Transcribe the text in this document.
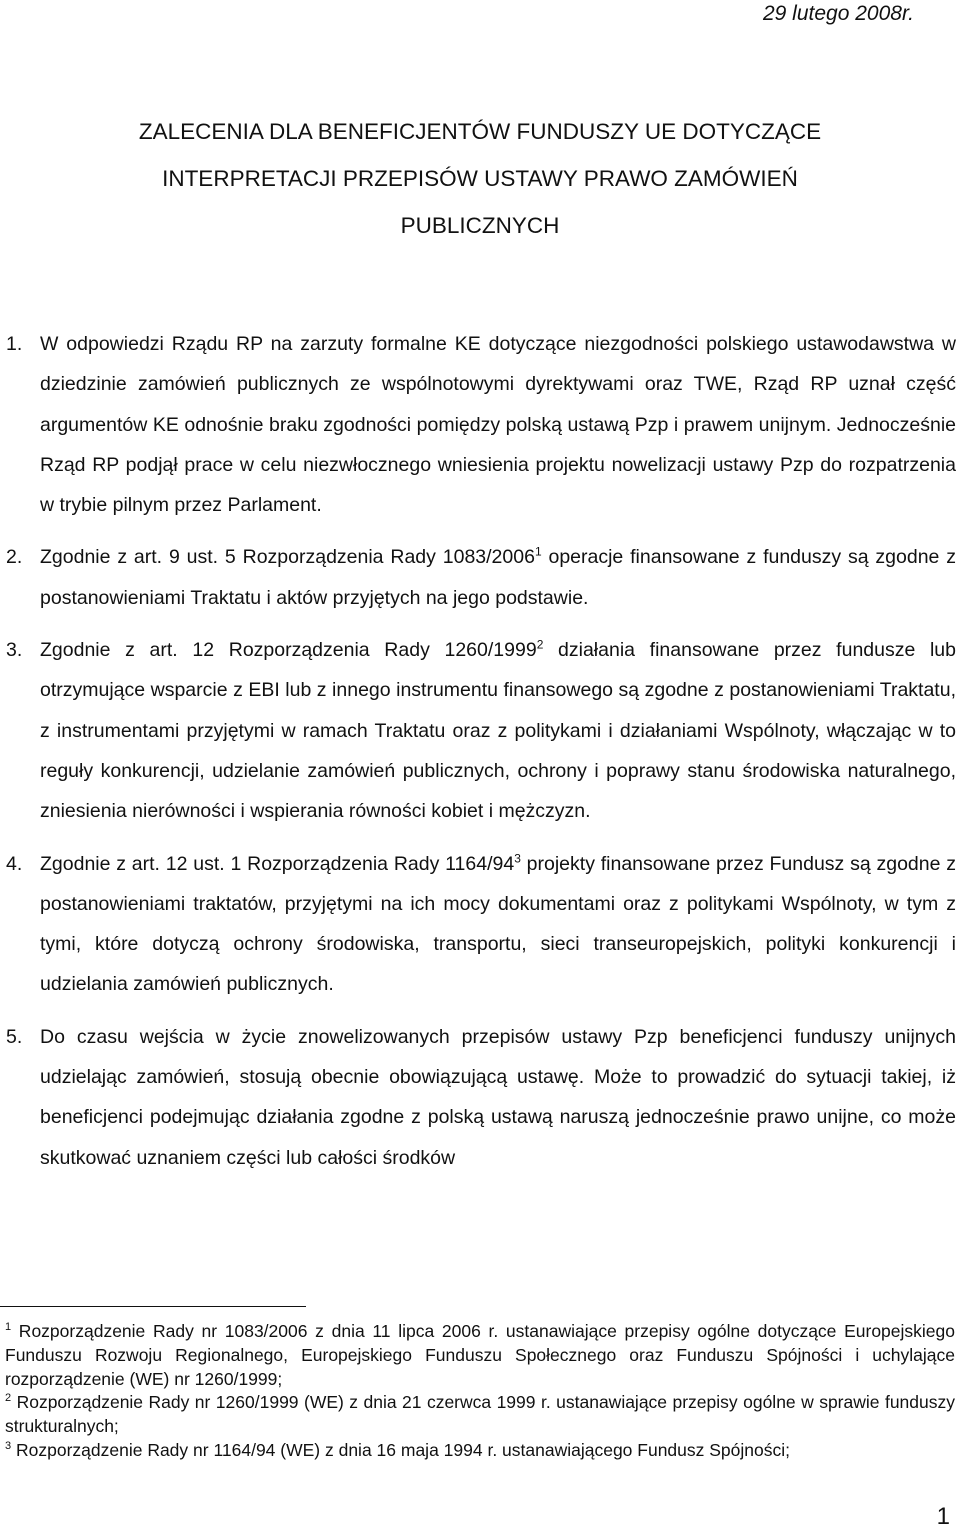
29 lutego 2008r.
ZALECENIA DLA BENEFICJENTÓW FUNDUSZY UE DOTYCZĄCE
INTERPRETACJI PRZEPISÓW USTAWY PRAWO ZAMÓWIEŃ
PUBLICZNYCH

1. W odpowiedzi Rządu RP na zarzuty formalne KE dotyczące niezgodności polskiego ustawodawstwa w dziedzinie zamówień publicznych ze wspólnotowymi dyrektywami oraz TWE, Rząd RP uznał część argumentów KE odnośnie braku zgodności pomiędzy polską ustawą Pzp i prawem unijnym. Jednocześnie Rząd RP podjął prace w celu niezwłocznego wniesienia projektu nowelizacji ustawy Pzp do rozpatrzenia w trybie pilnym przez Parlament.

2. Zgodnie z art. 9 ust. 5 Rozporządzenia Rady 1083/2006$^1$ operacje finansowane z funduszy są zgodne z postanowieniami Traktatu i aktów przyjętych na jego podstawie.

3. Zgodnie z art. 12 Rozporządzenia Rady 1260/1999$^2$ działania finansowane przez fundusze lub otrzymujące wsparcie z EBI lub z innego instrumentu finansowego są zgodne z postanowieniami Traktatu, z instrumentami przyjętymi w ramach Traktatu oraz z politykami i działaniami Wspólnoty, włączając w to reguły konkurencji, udzielanie zamówień publicznych, ochrony i poprawy stanu środowiska naturalnego, zniesienia nierówności i wspierania równości kobiet i mężczyzn.

4. Zgodnie z art. 12 ust. 1 Rozporządzenia Rady $1164/94^3$ projekty finansowane przez Fundusz są zgodne z postanowieniami traktatów, przyjętymi na ich mocy dokumentami oraz z politykami Wspólnoty, w tym z tymi, które dotyczą ochrony środowiska, transportu, sieci transeuropejskich, polityki konkurencji i udzielania zamówień publicznych.

5. Do czasu wejścia w życie znowelizowanych przepisów ustawy Pzp beneficjenci funduszy unijnych udzielając zamówień, stosują obecnie obowiązującą ustawę. Może to prowadzić do sytuacji takiej, iż beneficjenci podejmując działania zgodne z polską ustawą naruszą jednocześnie prawo unijne, co może skutkować uznaniem części lub całości środków

$^1$ Rozporządzenie Rady nr 1083/2006 z dnia 11 lipca 2006 r. ustanawiające przepisy ogólne dotyczące Europejskiego Funduszu Rozwoju Regionalnego, Europejskiego Funduszu Społecznego oraz Funduszu Spójności i uchylające rozporządzenie (WE) nr 1260/1999;

$^2$ Rozporządzenie Rady nr 1260/1999 (WE) z dnia 21 czerwca 1999 r. ustanawiające przepisy ogólne w sprawie funduszy strukturalnych;

$^3$ Rozporządzenie Rady nr 1164/94 (WE) z dnia 16 maja 1994 r. ustanawiającego Fundusz Spójności;

1
